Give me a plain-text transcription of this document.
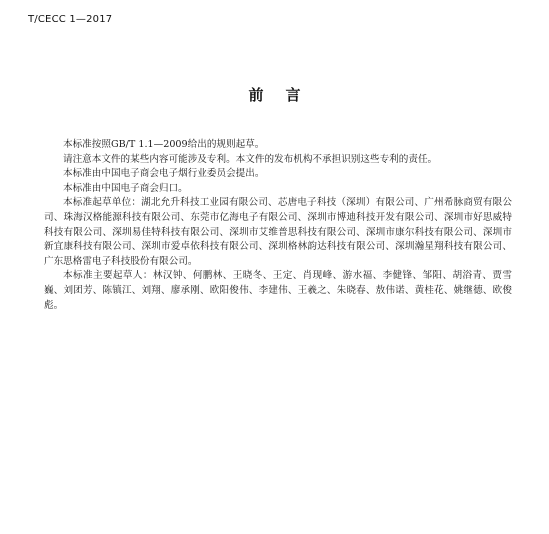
T/CECC 1—2017
前 言

本标准按照GB/T 1.1—2009给出的规则起草。

请注意本文件的某些内容可能涉及专利。本文件的发布机构不承担识别这些专利的责任。

本标准由中国电子商会电子烟行业委员会提出。

本标准由中国电子商会归口。

本标准起草单位：湖北允升科技工业园有限公司、芯唐电子科技（深圳）有限公司、广州希脉商贸有限公司、珠海汉格能源科技有限公司、东莞市亿海电子有限公司、深圳市博迪科技开发有限公司、深圳市好思威特科技有限公司、深圳易佳特科技有限公司、深圳市艾维普思科技有限公司、深圳市康尔科技有限公司、深圳市新宜康科技有限公司、深圳市爱卓依科技有限公司、深圳格林韵达科技有限公司、深圳瀚星翔科技有限公司、广东思格雷电子科技股份有限公司。

本标准主要起草人：林汉钟、何鹏林、王晓冬、王定、肖现峰、游水福、李健锋、邹阳、胡浴青、贾雪巍、刘团芳、陈镇江、刘翔、廖承刚、欧阳俊伟、李建伟、王羲之、朱晓春、敖伟诺、黄桂花、姚继德、欧俊彪。
